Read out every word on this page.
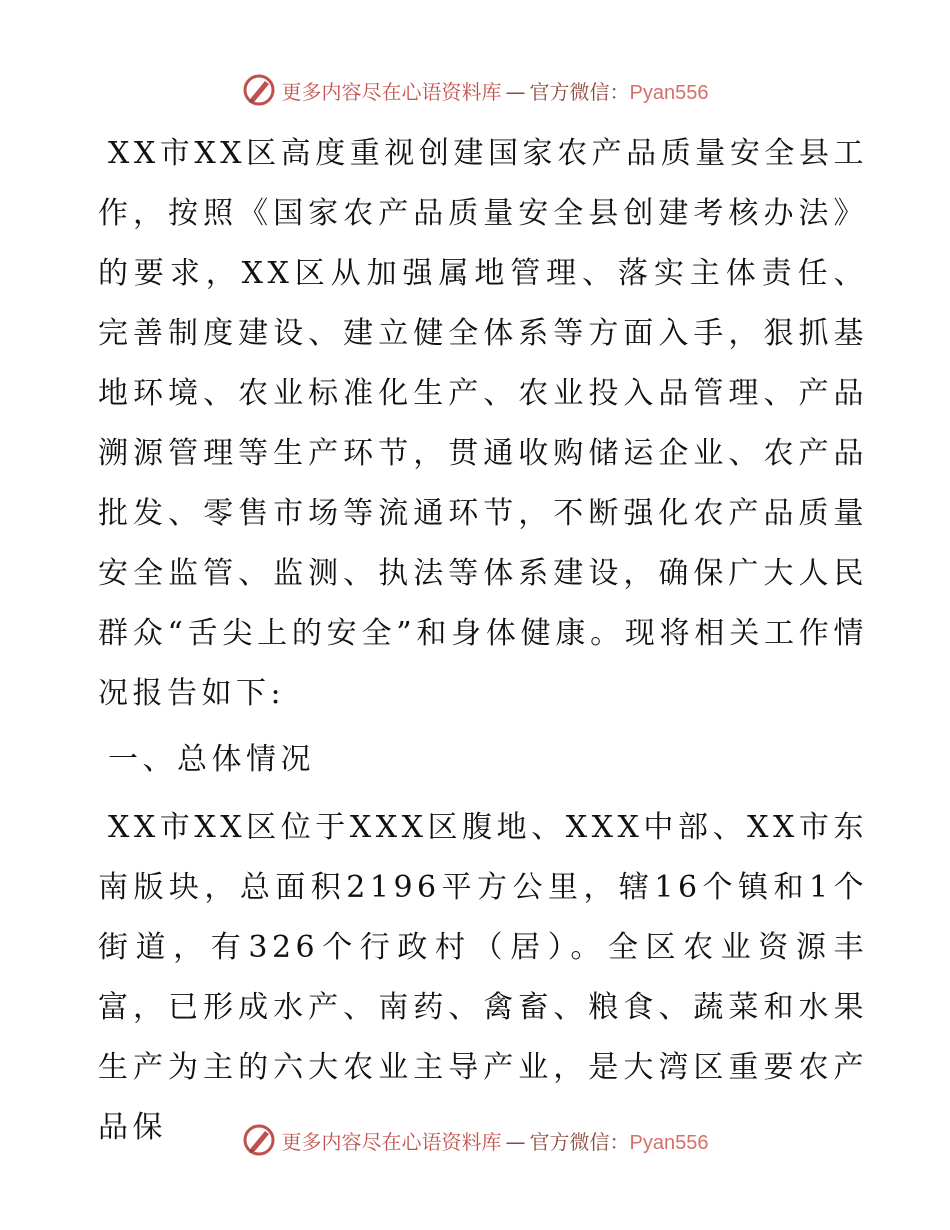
更多内容尽在心语资料库 — 官方微信：Pyan556

XX市XX区高度重视创建国家农产品质量安全县工作，按照《国家农产品质量安全县创建考核办法》的要求，XX区从加强属地管理、落实主体责任、完善制度建设、建立健全体系等方面入手，狠抓基地环境、农业标准化生产、农业投入品管理、产品溯源管理等生产环节，贯通收购储运企业、农产品批发、零售市场等流通环节，不断强化农产品质量安全监管、监测、执法等体系建设，确保广大人民群众“舌尖上的安全”和身体健康。现将相关工作情况报告如下:

一、总体情况

XX市XX区位于XXX区腹地、XXX中部、XX市东南版块，总面积2196平方公里，辖16个镇和1个街道，有326个行政村（居）。全区农业资源丰富，已形成水产、南药、禽畜、粮食、蔬菜和水果生产为主的六大农业主导产业，是大湾区重要农产品保	更多内容尽在心语资料库 — 官方微信：Pyan556
